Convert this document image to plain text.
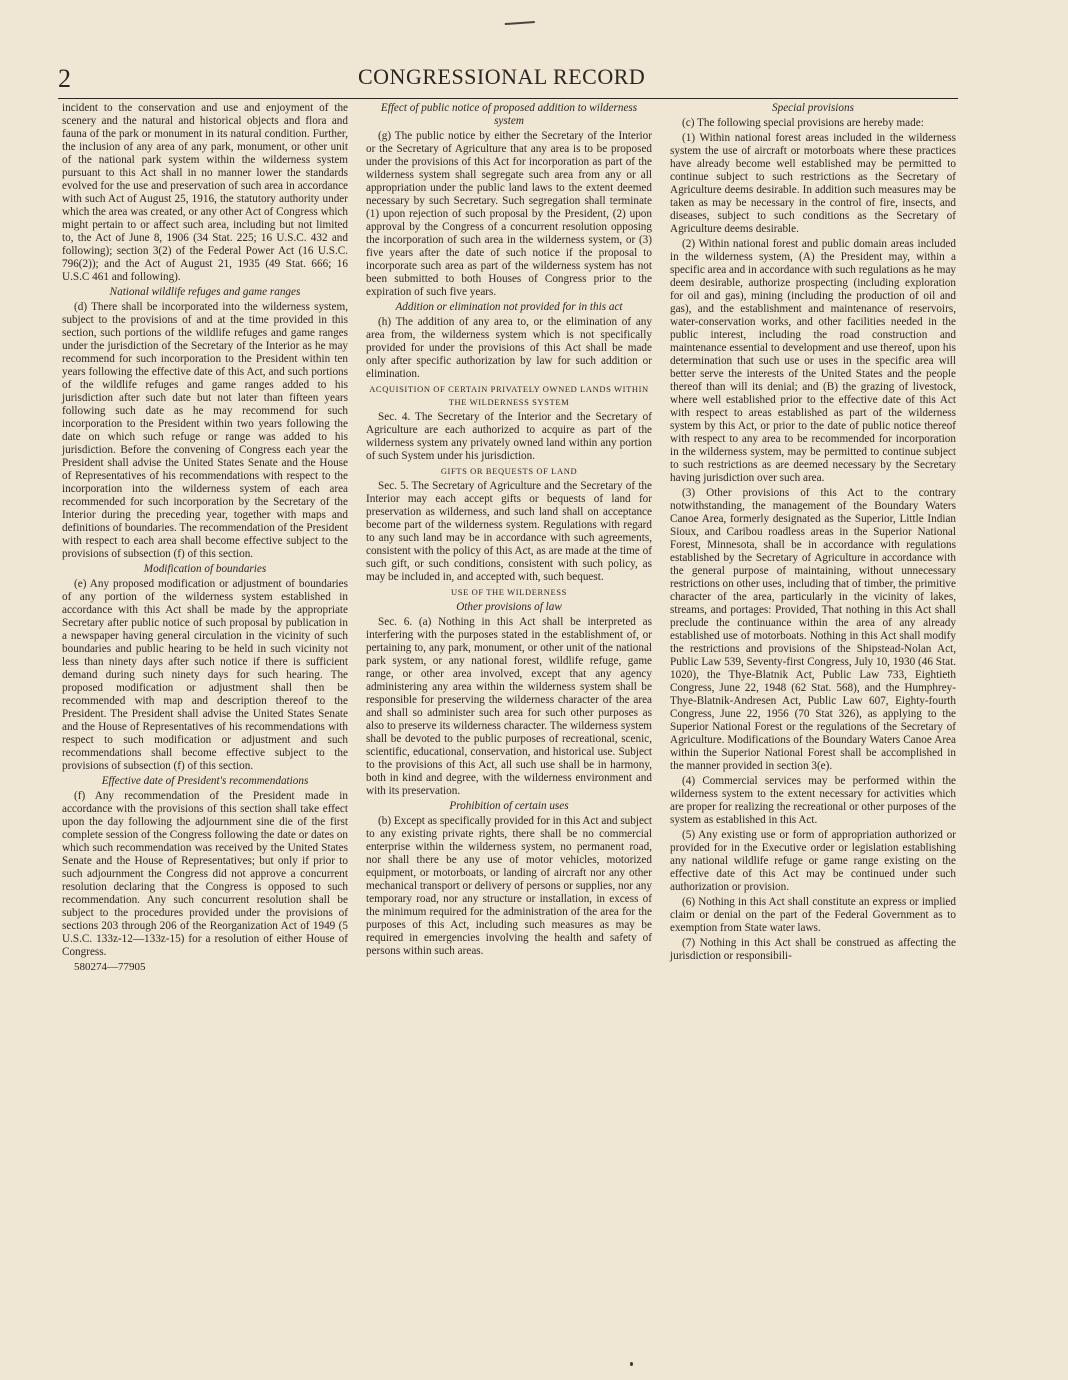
2	CONGRESSIONAL RECORD

incident to the conservation and use and enjoyment of the scenery and the natural and historical objects and flora and fauna of the park or monument in its natural condition. Further, the inclusion of any area of any park, monument, or other unit of the national park system within the wilderness system pursuant to this Act shall in no manner lower the standards evolved for the use and preservation of such area in accordance with such Act of August 25, 1916, the statutory authority under which the area was created, or any other Act of Congress which might pertain to or affect such area, including but not limited to, the Act of June 8, 1906 (34 Stat. 225; 16 U.S.C. 432 and following); section 3(2) of the Federal Power Act (16 U.S.C. 796(2)); and the Act of August 21, 1935 (49 Stat. 666; 16 U.S.C 461 and following).

National wildlife refuges and game ranges

(d) There shall be incorporated into the wilderness system, subject to the provisions of and at the time provided in this section, such portions of the wildlife refuges and game ranges under the jurisdiction of the Secretary of the Interior as he may recommend for such incorporation to the President within ten years following the effective date of this Act, and such portions of the wildlife refuges and game ranges added to his jurisdiction after such date but not later than fifteen years following such date as he may recommend for such incorporation to the President within two years following the date on which such refuge or range was added to his jurisdiction. Before the convening of Congress each year the President shall advise the United States Senate and the House of Representatives of his recommendations with respect to the incorporation into the wilderness system of each area recommended for such incorporation by the Secretary of the Interior during the preceding year, together with maps and definitions of boundaries. The recommendation of the President with respect to each area shall become effective subject to the provisions of subsection (f) of this section.

Modification of boundaries

(e) Any proposed modification or adjustment of boundaries of any portion of the wilderness system established in accordance with this Act shall be made by the appropriate Secretary after public notice of such proposal by publication in a newspaper having general circulation in the vicinity of such boundaries and public hearing to be held in such vicinity not less than ninety days after such notice if there is sufficient demand during such ninety days for such hearing. The proposed modification or adjustment shall then be recommended with map and description thereof to the President. The President shall advise the United States Senate and the House of Representatives of his recommendations with respect to such modification or adjustment and such recommendations shall become effective subject to the provisions of subsection (f) of this section.

Effective date of President's recommendations

(f) Any recommendation of the President made in accordance with the provisions of this section shall take effect upon the day following the adjournment sine die of the first complete session of the Congress following the date or dates on which such recommendation was received by the United States Senate and the House of Representatives; but only if prior to such adjournment the Congress did not approve a concurrent resolution declaring that the Congress is opposed to such recommendation. Any such concurrent resolution shall be subject to the procedures provided under the provisions of sections 203 through 206 of the Reorganization Act of 1949 (5 U.S.C. 133z-12—133z-15) for a resolution of either House of Congress.

580274—77905

Effect of public notice of proposed addition to wilderness system

(g) The public notice by either the Secretary of the Interior or the Secretary of Agriculture that any area is to be proposed under the provisions of this Act for incorporation as part of the wilderness system shall segregate such area from any or all appropriation under the public land laws to the extent deemed necessary by such Secretary. Such segregation shall terminate (1) upon rejection of such proposal by the President, (2) upon approval by the Congress of a concurrent resolution opposing the incorporation of such area in the wilderness system, or (3) five years after the date of such notice if the proposal to incorporate such area as part of the wilderness system has not been submitted to both Houses of Congress prior to the expiration of such five years.

Addition or elimination not provided for in this act

(h) The addition of any area to, or the elimination of any area from, the wilderness system which is not specifically provided for under the provisions of this Act shall be made only after specific authorization by law for such addition or elimination.

ACQUISITION OF CERTAIN PRIVATELY OWNED LANDS WITHIN THE WILDERNESS SYSTEM

Sec. 4. The Secretary of the Interior and the Secretary of Agriculture are each authorized to acquire as part of the wilderness system any privately owned land within any portion of such System under his jurisdiction.

GIFTS OR BEQUESTS OF LAND

Sec. 5. The Secretary of Agriculture and the Secretary of the Interior may each accept gifts or bequests of land for preservation as wilderness, and such land shall on acceptance become part of the wilderness system. Regulations with regard to any such land may be in accordance with such agreements, consistent with the policy of this Act, as are made at the time of such gift, or such conditions, consistent with such policy, as may be included in, and accepted with, such bequest.

USE OF THE WILDERNESS

Other provisions of law

Sec. 6. (a) Nothing in this Act shall be interpreted as interfering with the purposes stated in the establishment of, or pertaining to, any park, monument, or other unit of the national park system, or any national forest, wildlife refuge, game range, or other area involved, except that any agency administering any area within the wilderness system shall be responsible for preserving the wilderness character of the area and shall so administer such area for such other purposes as also to preserve its wilderness character. The wilderness system shall be devoted to the public purposes of recreational, scenic, scientific, educational, conservation, and historical use. Subject to the provisions of this Act, all such use shall be in harmony, both in kind and degree, with the wilderness environment and with its preservation.

Prohibition of certain uses

(b) Except as specifically provided for in this Act and subject to any existing private rights, there shall be no commercial enterprise within the wilderness system, no permanent road, nor shall there be any use of motor vehicles, motorized equipment, or motorboats, or landing of aircraft nor any other mechanical transport or delivery of persons or supplies, nor any temporary road, nor any structure or installation, in excess of the minimum required for the administration of the area for the purposes of this Act, including such measures as may be required in emergencies involving the health and safety of persons within such areas.

Special provisions

(c) The following special provisions are hereby made:

(1) Within national forest areas included in the wilderness system the use of aircraft or motorboats where these practices have already become well established may be permitted to continue subject to such restrictions as the Secretary of Agriculture deems desirable. In addition such measures may be taken as may be necessary in the control of fire, insects, and diseases, subject to such conditions as the Secretary of Agriculture deems desirable.

(2) Within national forest and public domain areas included in the wilderness system, (A) the President may, within a specific area and in accordance with such regulations as he may deem desirable, authorize prospecting (including exploration for oil and gas), mining (including the production of oil and gas), and the establishment and maintenance of reservoirs, water-conservation works, and other facilities needed in the public interest, including the road construction and maintenance essential to development and use thereof, upon his determination that such use or uses in the specific area will better serve the interests of the United States and the people thereof than will its denial; and (B) the grazing of livestock, where well established prior to the effective date of this Act with respect to areas established as part of the wilderness system by this Act, or prior to the date of public notice thereof with respect to any area to be recommended for incorporation in the wilderness system, may be permitted to continue subject to such restrictions as are deemed necessary by the Secretary having jurisdiction over such area.

(3) Other provisions of this Act to the contrary notwithstanding, the management of the Boundary Waters Canoe Area, formerly designated as the Superior, Little Indian Sioux, and Caribou roadless areas in the Superior National Forest, Minnesota, shall be in accordance with regulations established by the Secretary of Agriculture in accordance with the general purpose of maintaining, without unnecessary restrictions on other uses, including that of timber, the primitive character of the area, particularly in the vicinity of lakes, streams, and portages: Provided, That nothing in this Act shall preclude the continuance within the area of any already established use of motorboats. Nothing in this Act shall modify the restrictions and provisions of the Shipstead-Nolan Act, Public Law 539, Seventy-first Congress, July 10, 1930 (46 Stat. 1020), the Thye-Blatnik Act, Public Law 733, Eightieth Congress, June 22, 1948 (62 Stat. 568), and the Humphrey-Thye-Blatnik-Andresen Act, Public Law 607, Eighty-fourth Congress, June 22, 1956 (70 Stat 326), as applying to the Superior National Forest or the regulations of the Secretary of Agriculture. Modifications of the Boundary Waters Canoe Area within the Superior National Forest shall be accomplished in the manner provided in section 3(e).

(4) Commercial services may be performed within the wilderness system to the extent necessary for activities which are proper for realizing the recreational or other purposes of the system as established in this Act.

(5) Any existing use or form of appropriation authorized or provided for in the Executive order or legislation establishing any national wildlife refuge or game range existing on the effective date of this Act may be continued under such authorization or provision.

(6) Nothing in this Act shall constitute an express or implied claim or denial on the part of the Federal Government as to exemption from State water laws.

(7) Nothing in this Act shall be construed as affecting the jurisdiction or responsibili-
